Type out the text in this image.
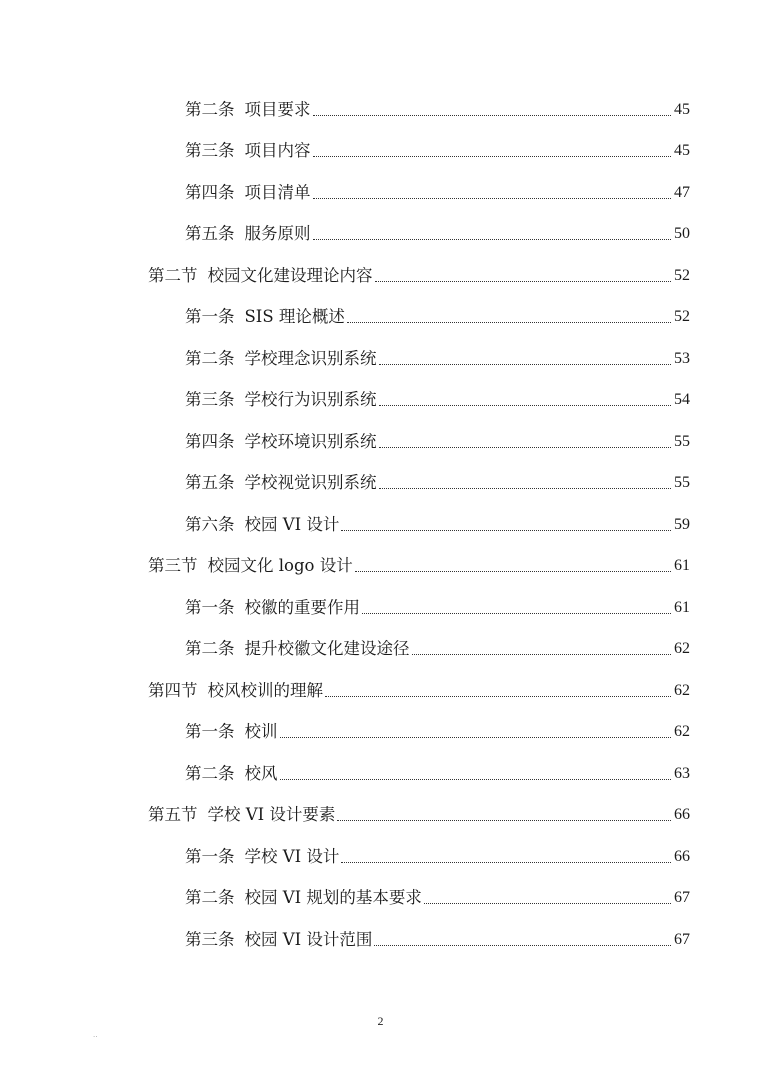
第二条 项目要求	45
第三条 项目内容	45
第四条 项目清单	47
第五条 服务原则	50
第二节 校园文化建设理论内容	52
第一条 SIS 理论概述	52
第二条 学校理念识别系统	53
第三条 学校行为识别系统	54
第四条 学校环境识别系统	55
第五条 学校视觉识别系统	55
第六条 校园 VI 设计	59
第三节 校园文化 logo 设计	61
第一条 校徽的重要作用	61
第二条 提升校徽文化建设途径	62
第四节 校风校训的理解	62
第一条 校训	62
第二条 校风	63
第五节 学校 VI 设计要素	66
第一条 学校 VI 设计	66
第二条 校园 VI 规划的基本要求	67
第三条 校园 VI 设计范围	67
2
..
